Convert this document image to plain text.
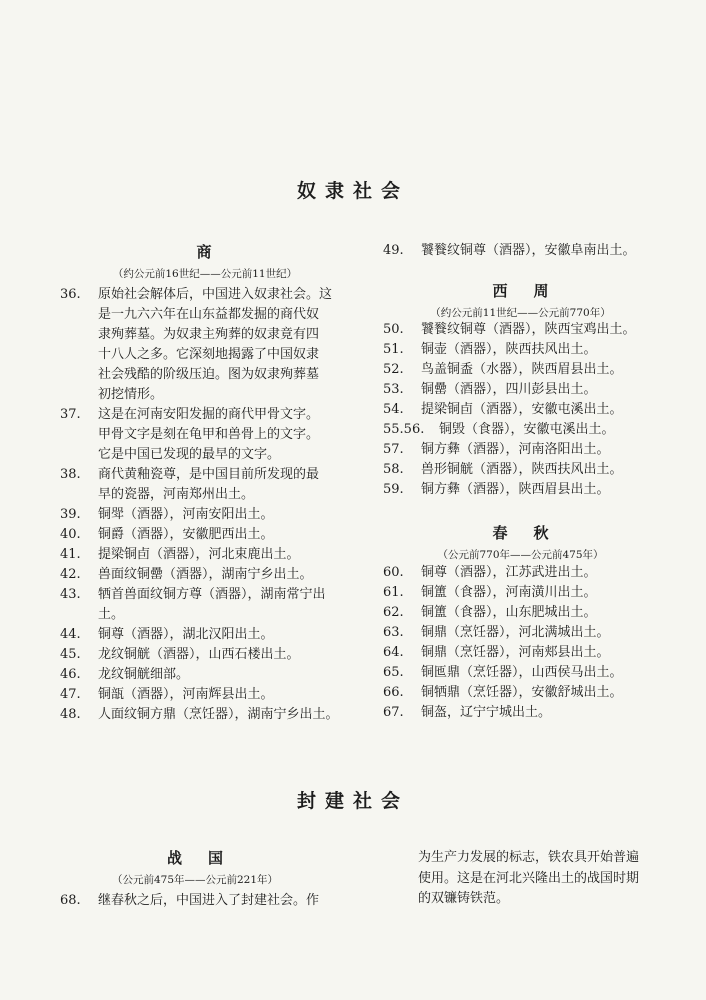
奴隶社会
封建社会
商
（约公元前16世纪——公元前11世纪）
36.	原始社会解体后，中国进入奴隶社会。这
是一九六六年在山东益都发掘的商代奴
隶殉葬墓。为奴隶主殉葬的奴隶竟有四
十八人之多。它深刻地揭露了中国奴隶
社会残酷的阶级压迫。图为奴隶殉葬墓
初挖情形。
37.	这是在河南安阳发掘的商代甲骨文字。
甲骨文字是刻在龟甲和兽骨上的文字。
它是中国已发现的最早的文字。
38.	商代黄釉瓷尊，是中国目前所发现的最
早的瓷器，河南郑州出土。
39.	铜斝（酒器），河南安阳出土。
40.	铜爵（酒器），安徽肥西出土。
41.	提梁铜卣（酒器），河北束鹿出土。
42.	兽面纹铜罍（酒器），湖南宁乡出土。
43.	牺首兽面纹铜方尊（酒器），湖南常宁出
土。
44.	铜尊（酒器），湖北汉阳出土。
45.	龙纹铜觥（酒器），山西石楼出土。
46.	龙纹铜觥细部。
47.	铜瓿（酒器），河南辉县出土。
48.	人面纹铜方鼎（烹饪器），湖南宁乡出土。
战国
（公元前475年——公元前221年）
68.	继春秋之后，中国进入了封建社会。作
49.	饕餮纹铜尊（酒器），安徽阜南出土。
西周
（约公元前11世纪——公元前770年）
50.	饕餮纹铜尊（酒器），陕西宝鸡出土。
51.	铜壶（酒器），陕西扶风出土。
52.	鸟盖铜盉（水器），陕西眉县出土。
53.	铜罍（酒器），四川彭县出土。
54.	提梁铜卣（酒器），安徽屯溪出土。
55.56.	铜毁（食器），安徽屯溪出土。
57.	铜方彝（酒器），河南洛阳出土。
58.	兽形铜觥（酒器），陕西扶风出土。
59.	铜方彝（酒器），陕西眉县出土。
春秋
（公元前770年——公元前475年）
60.	铜尊（酒器），江苏武进出土。
61.	铜簠（食器），河南潢川出土。
62.	铜簠（食器），山东肥城出土。
63.	铜鼎（烹饪器），河北满城出土。
64.	铜鼎（烹饪器），河南郏县出土。
65.	铜匜鼎（烹饪器），山西侯马出土。
66.	铜牺鼎（烹饪器），安徽舒城出土。
67.	铜盔，辽宁宁城出土。
为生产力发展的标志，铁农具开始普遍
使用。这是在河北兴隆出土的战国时期
的双镰铸铁范。
